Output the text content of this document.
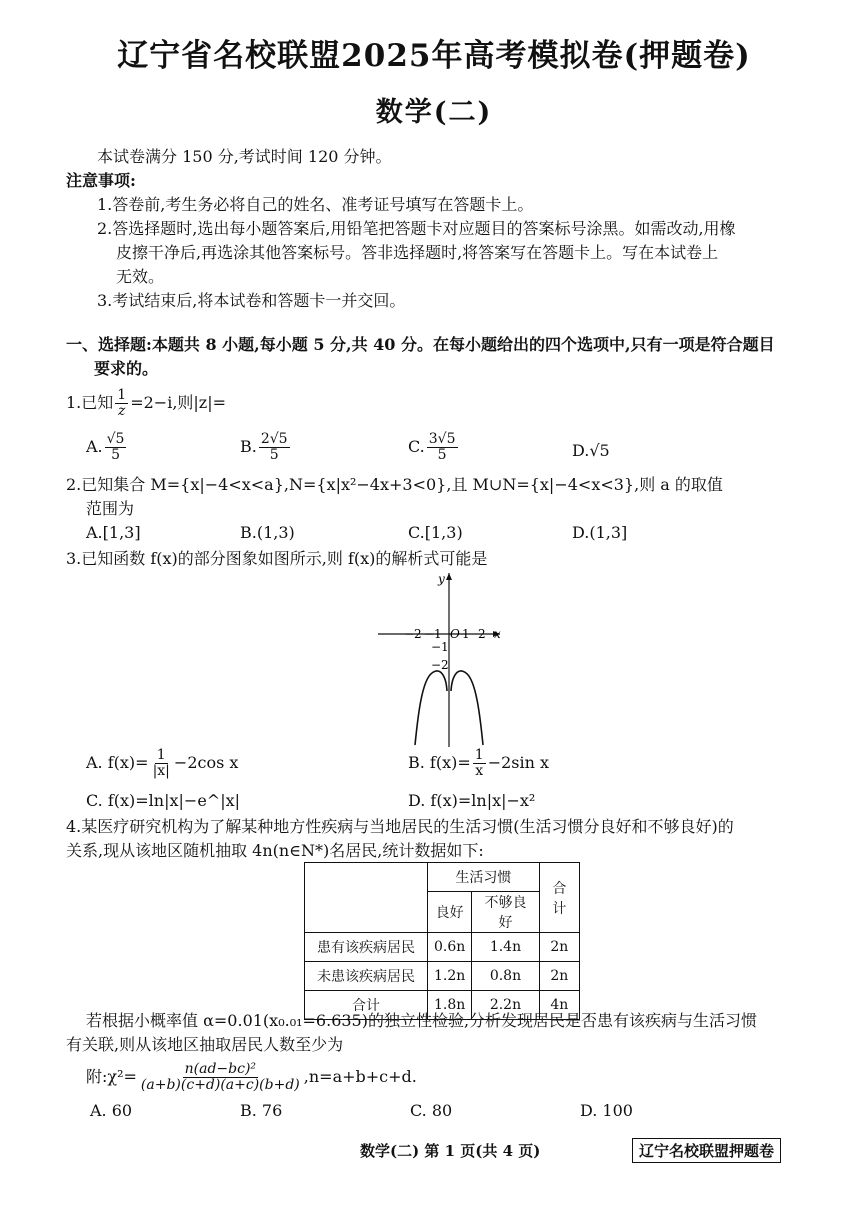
辽宁省名校联盟2025年高考模拟卷(押题卷)
数学(二)
本试卷满分 150 分,考试时间 120 分钟。
注意事项:
1.答卷前,考生务必将自己的姓名、准考证号填写在答题卡上。
2.答选择题时,选出每小题答案后,用铅笔把答题卡对应题目的答案标号涂黑。如需改动,用橡
皮擦干净后,再选涂其他答案标号。答非选择题时,将答案写在答题卡上。写在本试卷上
无效。
3.考试结束后,将本试卷和答题卡一并交回。
一、选择题:本题共 8 小题,每小题 5 分,共 40 分。在每小题给出的四个选项中,只有一项是符合题目
要求的。
1.已知 $\frac{1}{z} =2-i$,则|z|=
A. $\frac{√5}{5}$	B. $\frac{2√5}{5}$	C. $\frac{3√5}{5}$	D.√5
2.已知集合 M={x|−4<x<a},N={x|x²−4x+3<0},且 M∪N={x|−4<x<3},则 a 的取值
范围为
A.[1,3]	B.(1,3)	C.[1,3)	D.(1,3]
3.已知函数 f(x)的部分图象如图所示,则 f(x)的解析式可能是
y
x
O
−2 −1 1 2
−1
−2
A. $f(x)= \frac{1}{|x|} -2\cos$ x	B. $f(x)= \frac{1}{x} -2\sin$ x
C. f(x)=ln|x|−e^|x|	D. f(x)=ln|x|−x²
4.某医疗研究机构为了解某种地方性疾病与当地居民的生活习惯(生活习惯分良好和不够良好)的
关系,现从该地区随机抽取 4n(n∈N*)名居民,统计数据如下:
	生活习惯		合计
	良好	不够良好	
患有该疾病居民	0.6n	1.4n	2n
未患该疾病居民	1.2n	0.8n	2n
合计	1.8n	2.2n	4n
若根据小概率值 α=0.01(x₀.₀₁=6.635)的独立性检验,分析发现居民是否患有该疾病与生活习惯
有关联,则从该地区抽取居民人数至少为
附:χ²= $\frac{\text{n(ad−bc)²}}{(a+b)(c+d)(a+c)(b+d)} ,n=a+b+c+d$.
A. 60	B. 76	C. 80	D. 100
数学(二) 第 1 页(共 4 页)	辽宁名校联盟押题卷
